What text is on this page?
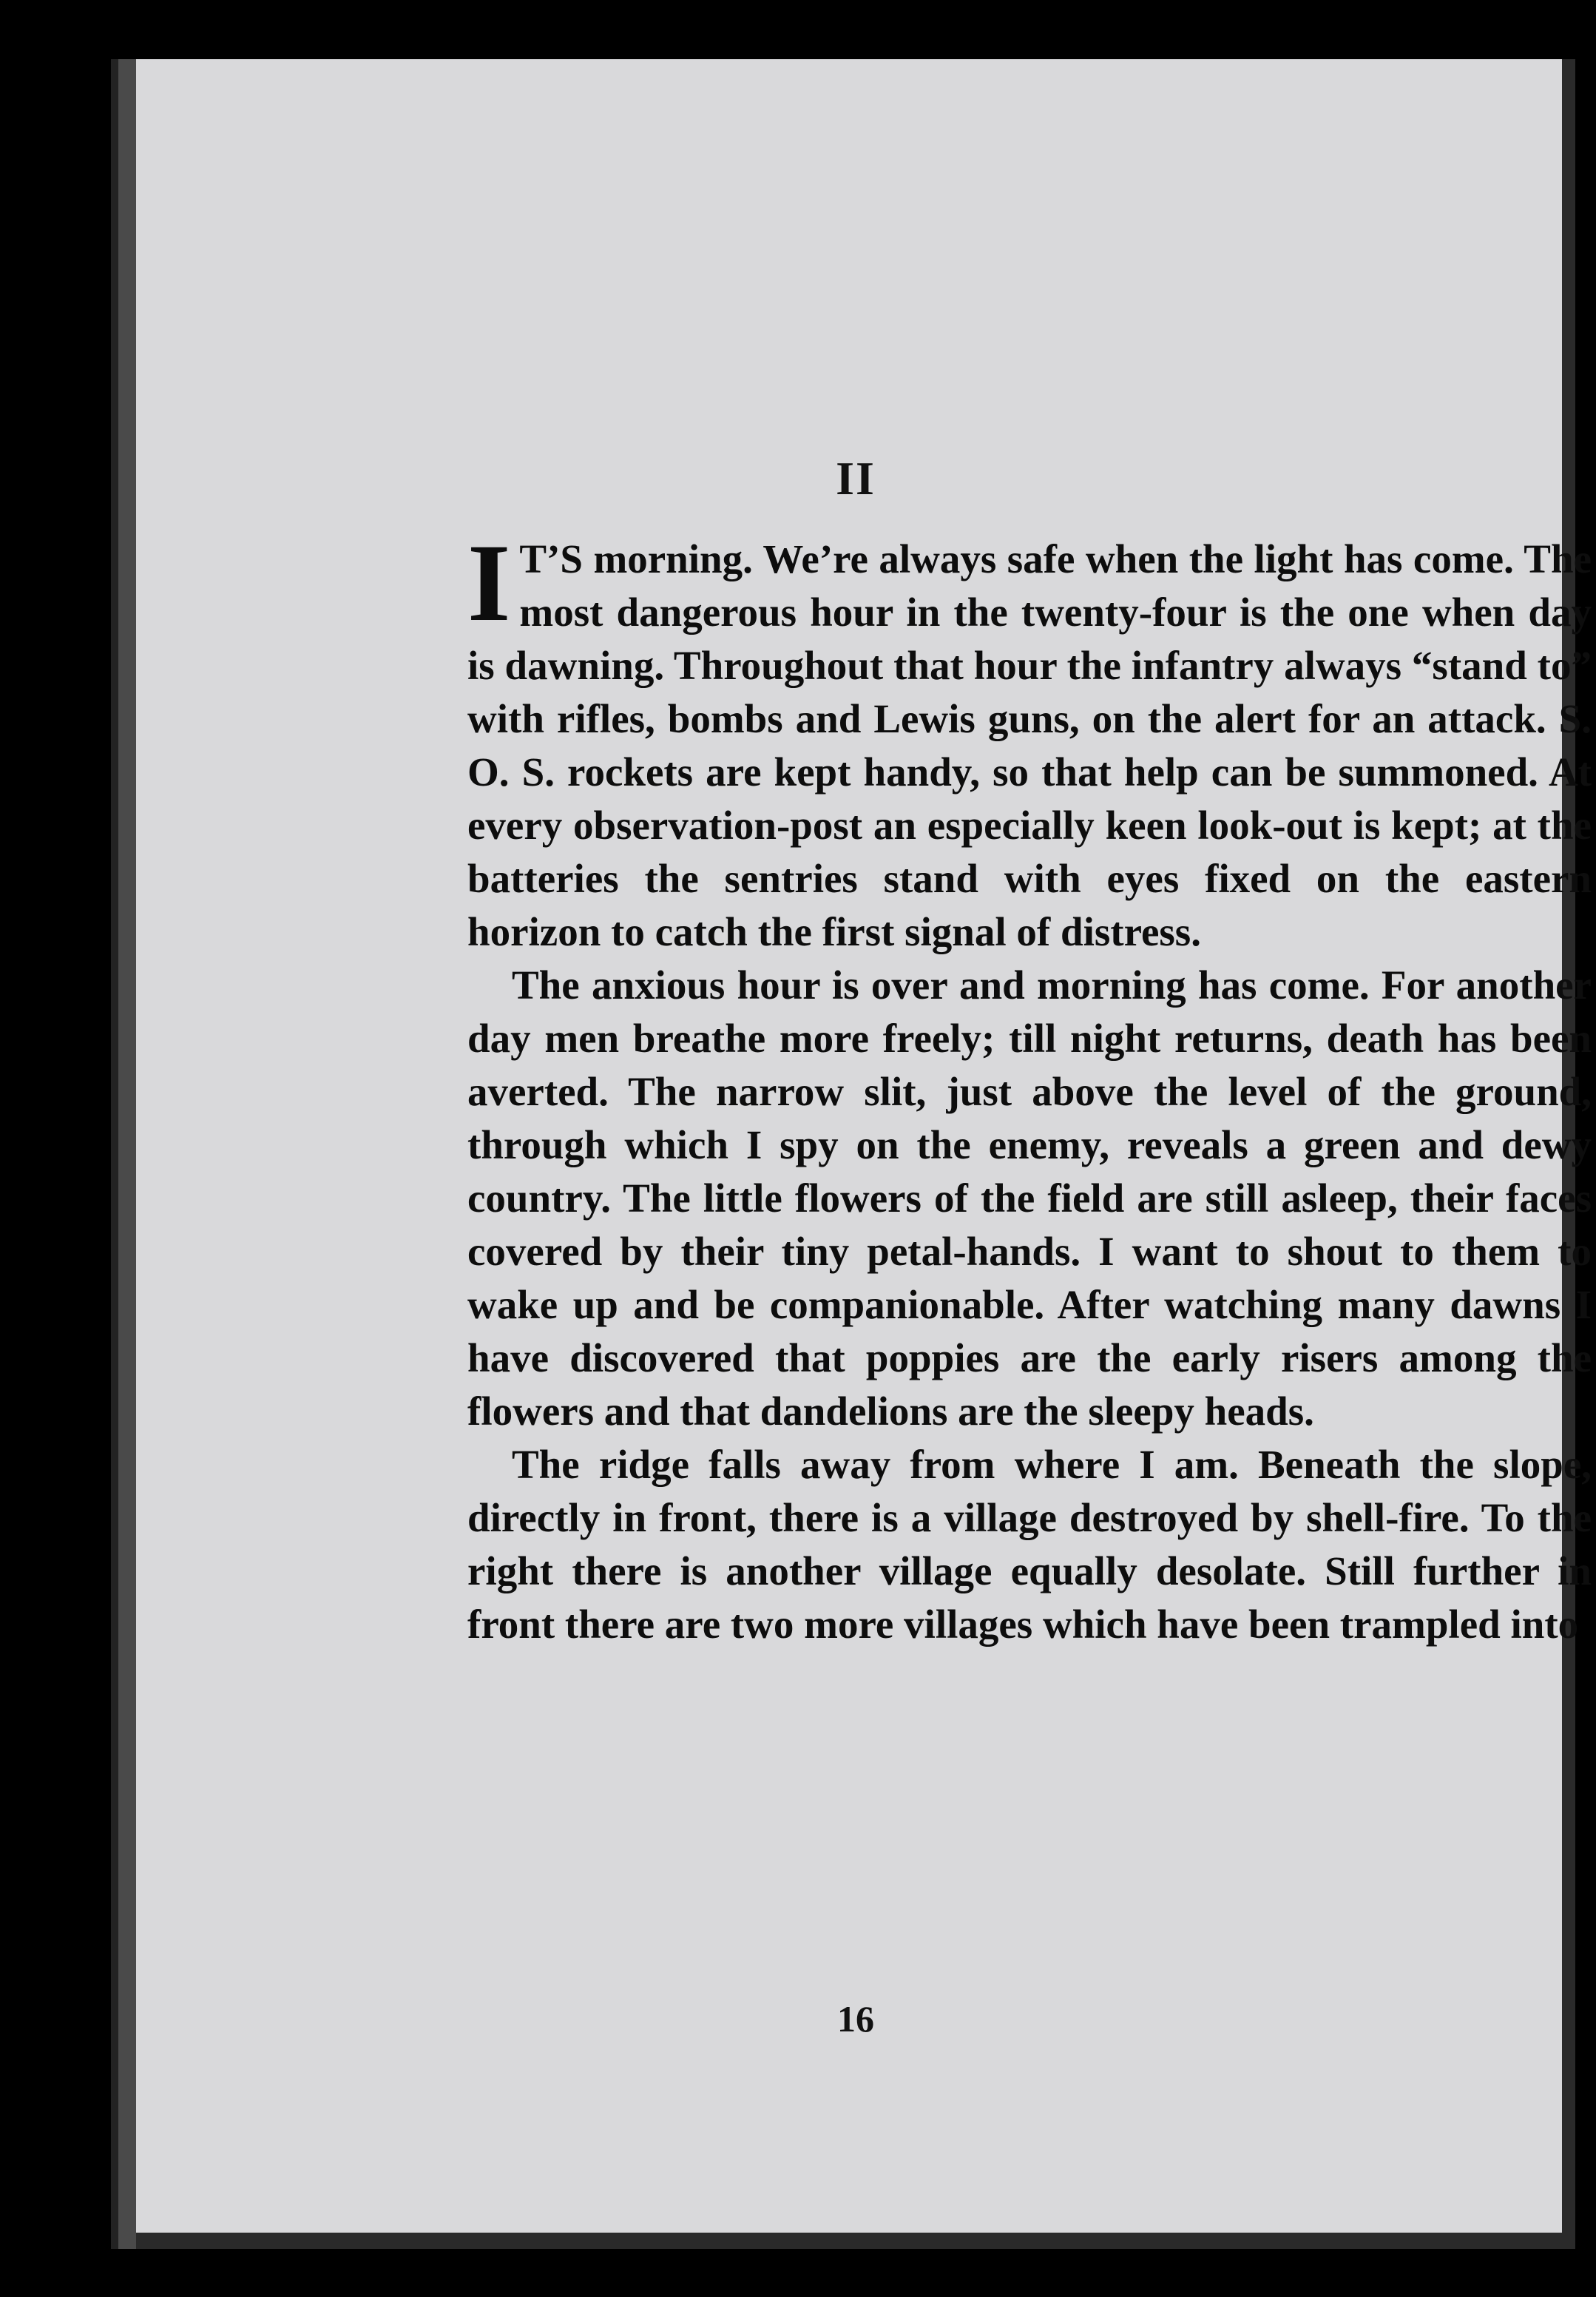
II

I T’S morning. We’re always safe when the light has come. The most dangerous hour in the twenty-four is the one when day is dawning. Throughout that hour the infantry always “stand to” with rifles, bombs and Lewis guns, on the alert for an attack. S. O. S. rockets are kept handy, so that help can be summoned. At every observation-post an especially keen look-out is kept; at the batteries the sentries stand with eyes fixed on the eastern horizon to catch the first signal of distress.

The anxious hour is over and morning has come. For another day men breathe more freely; till night returns, death has been averted. The narrow slit, just above the level of the ground, through which I spy on the enemy, reveals a green and dewy country. The little flowers of the field are still asleep, their faces covered by their tiny petal-hands. I want to shout to them to wake up and be companionable. After watching many dawns I have discovered that poppies are the early risers among the flowers and that dandelions are the sleepy heads.

The ridge falls away from where I am. Beneath the slope, directly in front, there is a village destroyed by shell-fire. To the right there is another village equally desolate. Still further in front there are two more villages which have been trampled into

16
